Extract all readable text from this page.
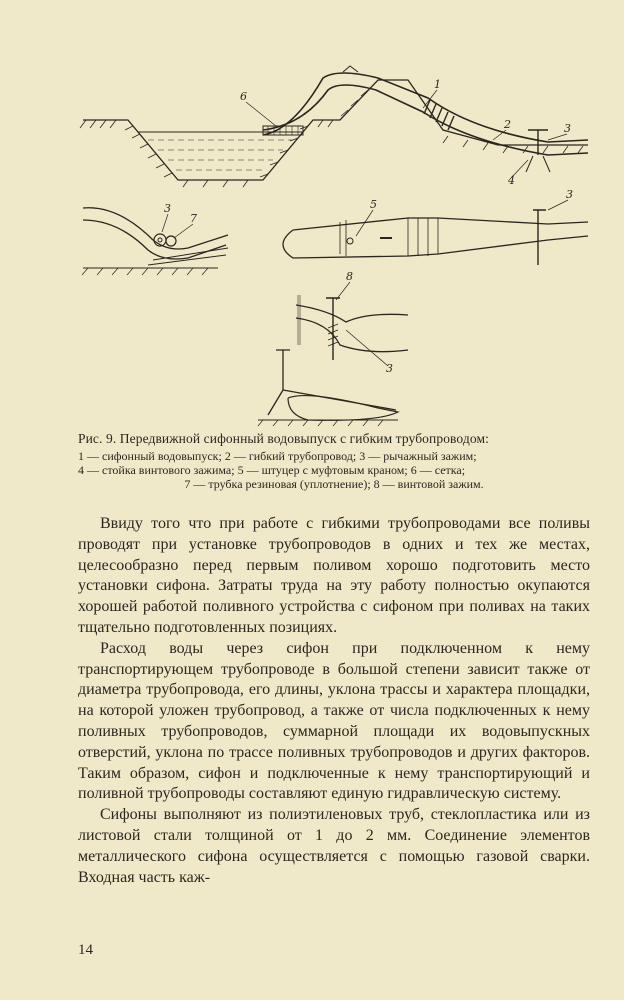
1
2	3
4
5
6
3
7
3
8
3
Рис. 9. Передвижной сифонный водовыпуск с гибким трубопроводом:
1 — сифонный водовыпуск; 2 — гибкий трубопровод; 3 — рычажный зажим;
4 — стойка винтового зажима; 5 — штуцер с муфтовым краном; 6 — сетка;
7 — трубка резиновая (уплотнение); 8 — винтовой зажим.

Ввиду того что при работе с гибкими трубопроводами все поливы проводят при установке трубопроводов в одних и тех же местах, целесообразно перед первым поливом хорошо подготовить место установки сифона. Затраты труда на эту работу полностью окупаются хорошей работой поливного устройства с сифоном при поливах на таких тщательно подготовленных позициях.

Расход воды через сифон при подключенном к нему транспортирующем трубопроводе в большой степени зависит также от диаметра трубопровода, его длины, уклона трассы и характера площадки, на которой уложен трубопровод, а также от числа подключенных к нему поливных трубопроводов, суммарной площади их водовыпускных отверстий, уклона по трассе поливных трубопроводов и других факторов. Таким образом, сифон и подключенные к нему транспортирующий и поливной трубопроводы составляют единую гидравлическую систему.

Сифоны выполняют из полиэтиленовых труб, стеклопластика или из листовой стали толщиной от 1 до 2 мм. Соединение элементов металлического сифона осуществляется с помощью газовой сварки. Входная часть каж-

14
